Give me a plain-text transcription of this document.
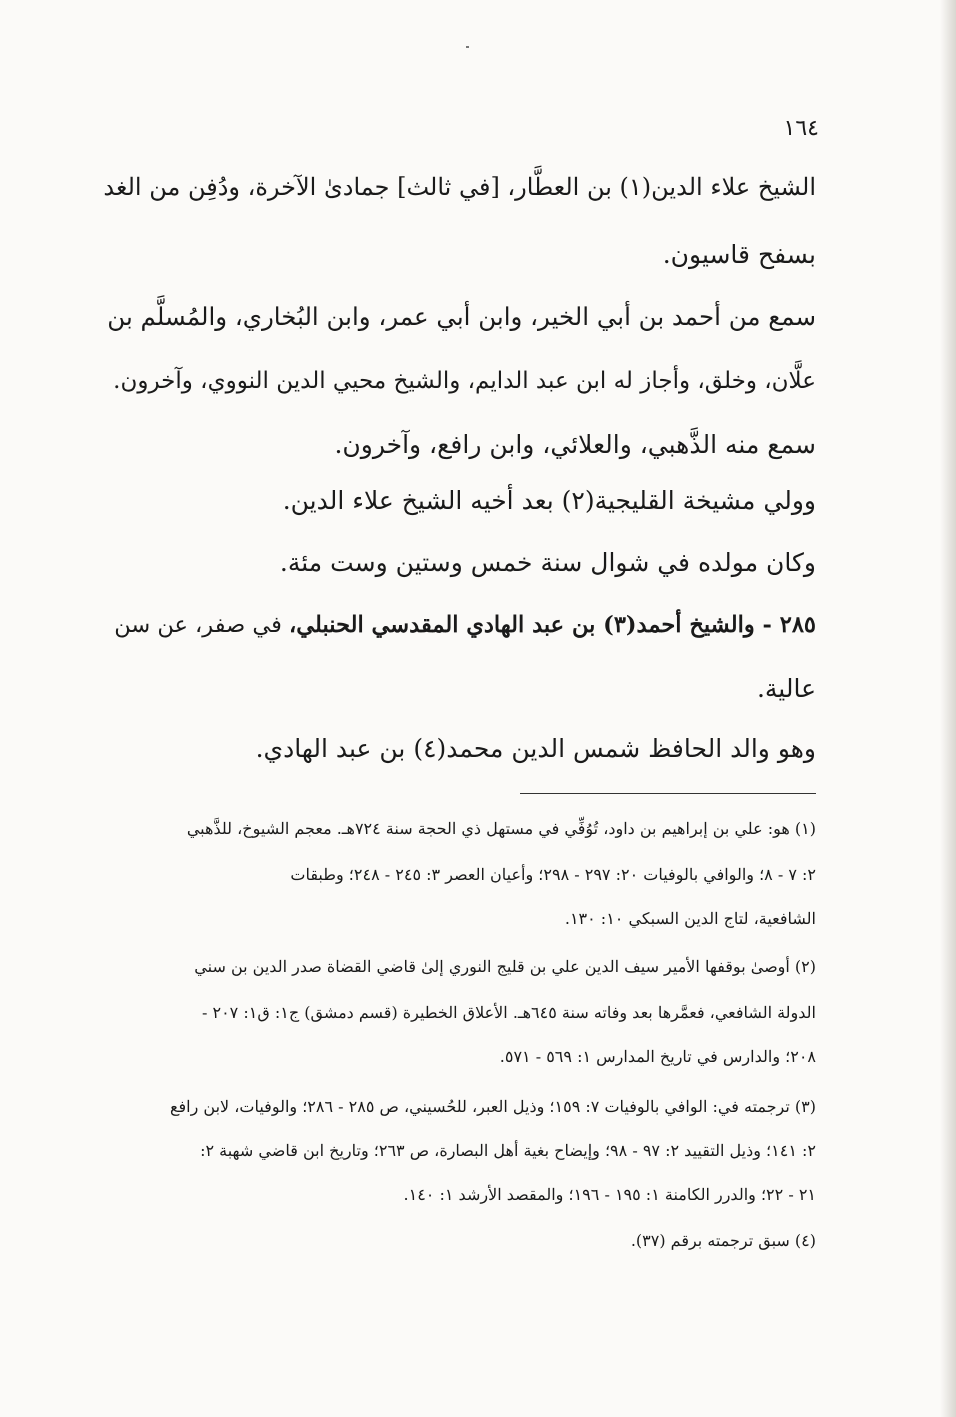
١٦٤
الشيخ علاء الدين(١) بن العطَّار، [في ثالث] جمادىٰ الآخرة، ودُفِن من الغد
بسفح قاسيون.
سمع من أحمد بن أبي الخير، وابن أبي عمر، وابن البُخاري، والمُسلَّم بن
علَّان، وخلق، وأجاز له ابن عبد الدايم، والشيخ محيي الدين النووي، وآخرون.
سمع منه الذَّهبي، والعلائي، وابن رافع، وآخرون.
وولي مشيخة القليجية(٢) بعد أخيه الشيخ علاء الدين.
وكان مولده في شوال سنة خمس وستين وست مئة.
٢٨٥ - والشيخ أحمد(٣) بن عبد الهادي المقدسي الحنبلي، في صفر، عن سن
عالية.
وهو والد الحافظ شمس الدين محمد(٤) بن عبد الهادي.
(١) هو: علي بن إبراهيم بن داود، تُوُفِّي في مستهل ذي الحجة سنة ٧٢٤هـ. معجم الشيوخ، للذَّهبي
٢: ٧ - ٨؛ والوافي بالوفيات ٢٠: ٢٩٧ - ٢٩٨؛ وأعيان العصر ٣: ٢٤٥ - ٢٤٨؛ وطبقات
الشافعية، لتاج الدين السبكي ١٠: ١٣٠.
(٢) أوصىٰ بوقفها الأمير سيف الدين علي بن قليج النوري إلىٰ قاضي القضاة صدر الدين بن سني
الدولة الشافعي، فعمَّرها بعد وفاته سنة ٦٤٥هـ. الأعلاق الخطيرة (قسم دمشق) ج١: ق١: ٢٠٧ -
٢٠٨؛ والدارس في تاريخ المدارس ١: ٥٦٩ - ٥٧١.
(٣) ترجمته في: الوافي بالوفيات ٧: ١٥٩؛ وذيل العبر، للحُسيني، ص ٢٨٥ - ٢٨٦؛ والوفيات، لابن رافع
٢: ١٤١؛ وذيل التقييد ٢: ٩٧ - ٩٨؛ وإيضاح بغية أهل البصارة، ص ٢٦٣؛ وتاريخ ابن قاضي شهبة ٢:
٢١ - ٢٢؛ والدرر الكامنة ١: ١٩٥ - ١٩٦؛ والمقصد الأرشد ١: ١٤٠.
(٤) سبق ترجمته برقم (٣٧).
